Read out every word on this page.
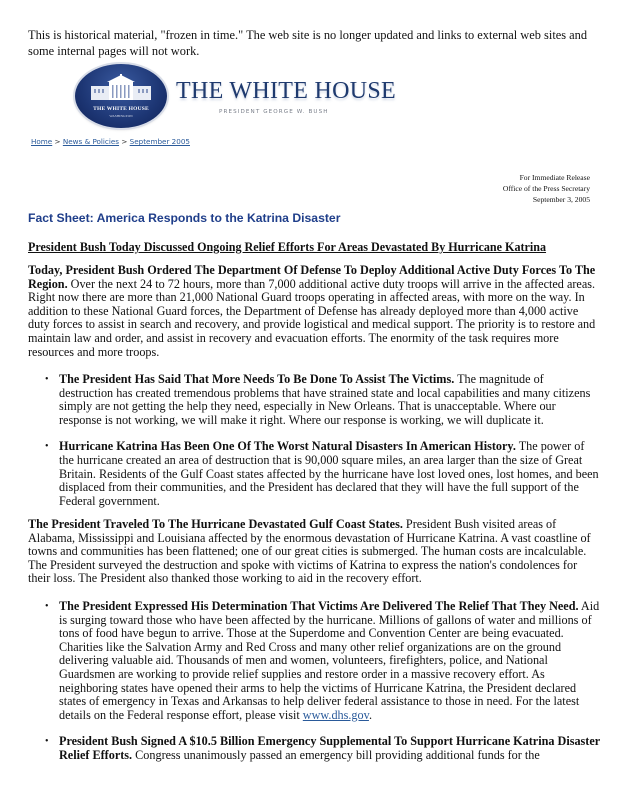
This is historical material, "frozen in time." The web site is no longer updated and links to external web sites and some internal pages will not work.
THE WHITE HOUSE
WASHINGTON
THE WHITE HOUSE
PRESIDENT GEORGE W. BUSH
Home > News & Policies > September 2005
For Immediate Release
Office of the Press Secretary
September 3, 2005
Fact Sheet: America Responds to the Katrina Disaster
President Bush Today Discussed Ongoing Relief Efforts For Areas Devastated By Hurricane Katrina
Today, President Bush Ordered The Department Of Defense To Deploy Additional Active Duty Forces To The Region. Over the next 24 to 72 hours, more than 7,000 additional active duty troops will arrive in the affected areas. Right now there are more than 21,000 National Guard troops operating in affected areas, with more on the way. In addition to these National Guard forces, the Department of Defense has already deployed more than 4,000 active duty forces to assist in search and recovery, and provide logistical and medical support. The priority is to restore and maintain law and order, and assist in recovery and evacuation efforts. The enormity of the task requires more resources and more troops.
• The President Has Said That More Needs To Be Done To Assist The Victims. The magnitude of destruction has created tremendous problems that have strained state and local capabilities and many citizens simply are not getting the help they need, especially in New Orleans. That is unacceptable. Where our response is not working, we will make it right. Where our response is working, we will duplicate it.
• Hurricane Katrina Has Been One Of The Worst Natural Disasters In American History. The power of the hurricane created an area of destruction that is 90,000 square miles, an area larger than the size of Great Britain. Residents of the Gulf Coast states affected by the hurricane have lost loved ones, lost homes, and been displaced from their communities, and the President has declared that they will have the full support of the Federal government.
The President Traveled To The Hurricane Devastated Gulf Coast States. President Bush visited areas of Alabama, Mississippi and Louisiana affected by the enormous devastation of Hurricane Katrina. A vast coastline of towns and communities has been flattened; one of our great cities is submerged. The human costs are incalculable. The President surveyed the destruction and spoke with victims of Katrina to express the nation's condolences for their loss. The President also thanked those working to aid in the recovery effort.
• The President Expressed His Determination That Victims Are Delivered The Relief That They Need. Aid is surging toward those who have been affected by the hurricane. Millions of gallons of water and millions of tons of food have begun to arrive. Those at the Superdome and Convention Center are being evacuated. Charities like the Salvation Army and Red Cross and many other relief organizations are on the ground delivering valuable aid. Thousands of men and women, volunteers, firefighters, police, and National Guardsmen are working to provide relief supplies and restore order in a massive recovery effort. As neighboring states have opened their arms to help the victims of Hurricane Katrina, the President declared states of emergency in Texas and Arkansas to help deliver federal assistance to those in need. For the latest details on the Federal response effort, please visit www.dhs.gov.
• President Bush Signed A $10.5 Billion Emergency Supplemental To Support Hurricane Katrina Disaster Relief Efforts. Congress unanimously passed an emergency bill providing additional funds for the
